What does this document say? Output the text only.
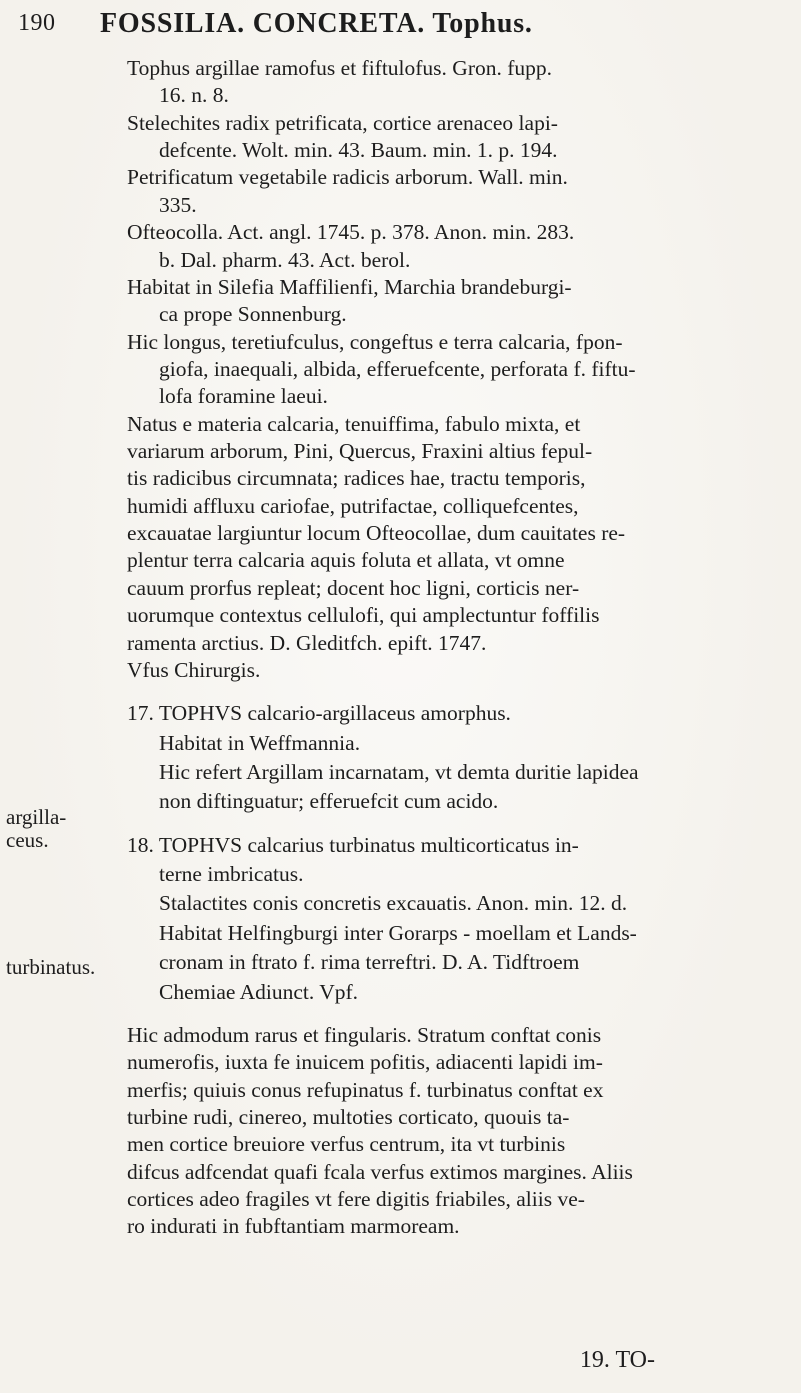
190 FOSSILIA. CONCRETA. Tophus.

Tophus argillae ramofus et fiftulofus. Gron. fupp.

16. n. 8.

Stelechites radix petrificata, cortice arenaceo lapi-

defcente. Wolt. min. 43. Baum. min. 1. p. 194.

Petrificatum vegetabile radicis arborum. Wall. min.

335.

Ofteocolla. Act. angl. 1745. p. 378. Anon. min. 283.

b. Dal. pharm. 43. Act. berol.

Habitat in Silefia Maffilienfi, Marchia brandeburgi-

ca prope Sonnenburg.

Hic longus, teretiufculus, congeftus e terra calcaria, fpon-

giofa, inaequali, albida, efferuefcente, perforata f. fiftu-

lofa foramine laeui.

Natus e materia calcaria, tenuiffima, fabulo mixta, et

variarum arborum, Pini, Quercus, Fraxini altius fepul-

tis radicibus circumnata; radices hae, tractu temporis,

humidi affluxu cariofae, putrifactae, colliquefcentes,

excauatae largiuntur locum Ofteocollae, dum cauitates re-

plentur terra calcaria aquis foluta et allata, vt omne

cauum prorfus repleat; docent hoc ligni, corticis ner-

uorumque contextus cellulofi, qui amplectuntur foffilis

ramenta arctius. D. Gleditfch. epift. 1747.

Vfus Chirurgis.

17. TOPHVS calcario-argillaceus amorphus.

Habitat in Weffmannia.

Hic refert Argillam incarnatam, vt demta duritie lapidea

non diftinguatur; efferuefcit cum acido.

18. TOPHVS calcarius turbinatus multicorticatus in-

terne imbricatus.

Stalactites conis concretis excauatis. Anon. min. 12. d.

Habitat Helfingburgi inter Gorarps - moellam et Lands-

cronam in ftrato f. rima terreftri. D. A. Tidftroem

Chemiae Adiunct. Vpf.

Hic admodum rarus et fingularis. Stratum conftat conis

numerofis, iuxta fe inuicem pofitis, adiacenti lapidi im-

merfis; quiuis conus refupinatus f. turbinatus conftat ex

turbine rudi, cinereo, multoties corticato, quouis ta-

men cortice breuiore verfus centrum, ita vt turbinis

difcus adfcendat quafi fcala verfus extimos margines. Aliis

cortices adeo fragiles vt fere digitis friabiles, aliis ve-

ro indurati in fubftantiam marmoream.

argilla-
ceus.
turbinatus.
19. TO-
